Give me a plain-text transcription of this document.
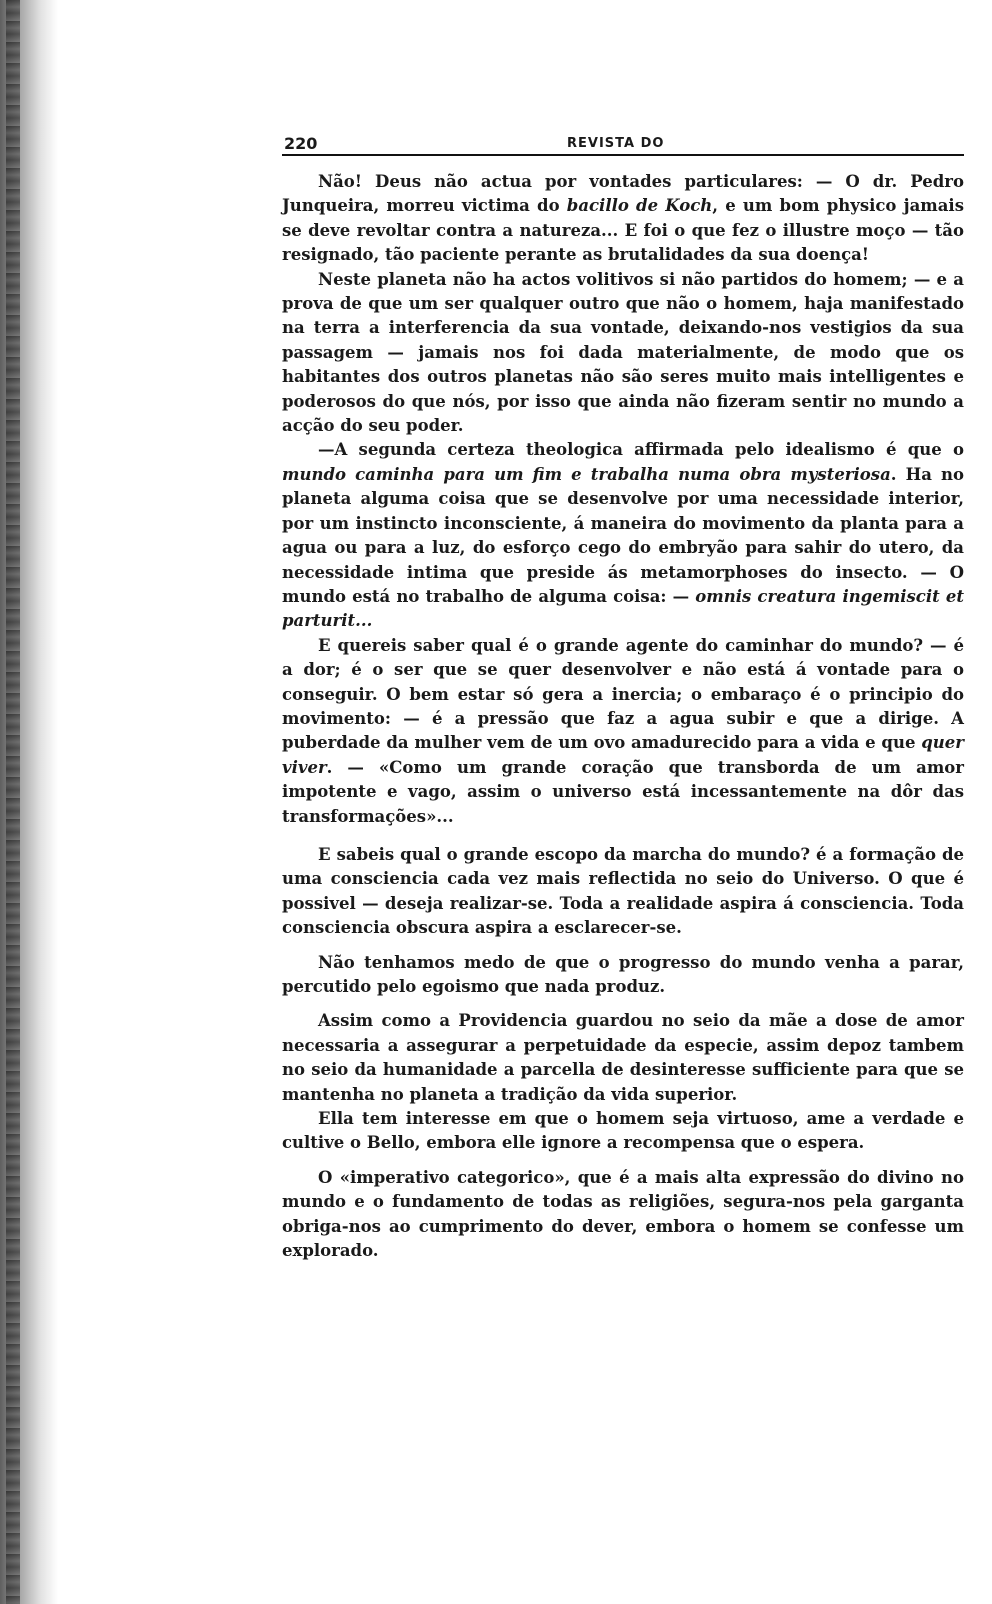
220	REVISTA DO

Não! Deus não actua por vontades particulares: — O dr. Pedro Junqueira, morreu victima do bacillo de Koch, e um bom physico jamais se deve revoltar contra a natureza... E foi o que fez o illustre moço — tão resignado, tão paciente perante as brutalidades da sua doença!

Neste planeta não ha actos volitivos si não partidos do homem; — e a prova de que um ser qualquer outro que não o homem, haja manifestado na terra a interferencia da sua vontade, deixando-nos vestigios da sua passagem — jamais nos foi dada materialmente, de modo que os habitantes dos outros planetas não são seres muito mais intelligentes e poderosos do que nós, por isso que ainda não fizeram sentir no mundo a acção do seu poder.

—A segunda certeza theologica affirmada pelo idealismo é que o mundo caminha para um fim e trabalha numa obra mysteriosa. Ha no planeta alguma coisa que se desenvolve por uma necessidade interior, por um instincto inconsciente, á maneira do movimento da planta para a agua ou para a luz, do esforço cego do embryão para sahir do utero, da necessidade intima que preside ás metamorphoses do insecto. — O mundo está no trabalho de alguma coisa: — omnis creatura ingemiscit et parturit...

E quereis saber qual é o grande agente do caminhar do mundo? — é a dor; é o ser que se quer desenvolver e não está á vontade para o conseguir. O bem estar só gera a inercia; o embaraço é o principio do movimento: — é a pressão que faz a agua subir e que a dirige. A puberdade da mulher vem de um ovo amadurecido para a vida e que quer viver. — «Como um grande coração que transborda de um amor impotente e vago, assim o universo está incessantemente na dôr das transformações»...

E sabeis qual o grande escopo da marcha do mundo? é a formação de uma consciencia cada vez mais reflectida no seio do Universo. O que é possivel — deseja realizar-se. Toda a realidade aspira á consciencia. Toda consciencia obscura aspira a esclarecer-se.

Não tenhamos medo de que o progresso do mundo venha a parar, percutido pelo egoismo que nada produz.

Assim como a Providencia guardou no seio da mãe a dose de amor necessaria a assegurar a perpetuidade da especie, assim depoz tambem no seio da humanidade a parcella de desinteresse sufficiente para que se mantenha no planeta a tradição da vida superior.

Ella tem interesse em que o homem seja virtuoso, ame a verdade e cultive o Bello, embora elle ignore a recompensa que o espera.

O «imperativo categorico», que é a mais alta expressão do divino no mundo e o fundamento de todas as religiões, segura-nos pela garganta obriga-nos ao cumprimento do dever, embora o homem se confesse um explorado.
